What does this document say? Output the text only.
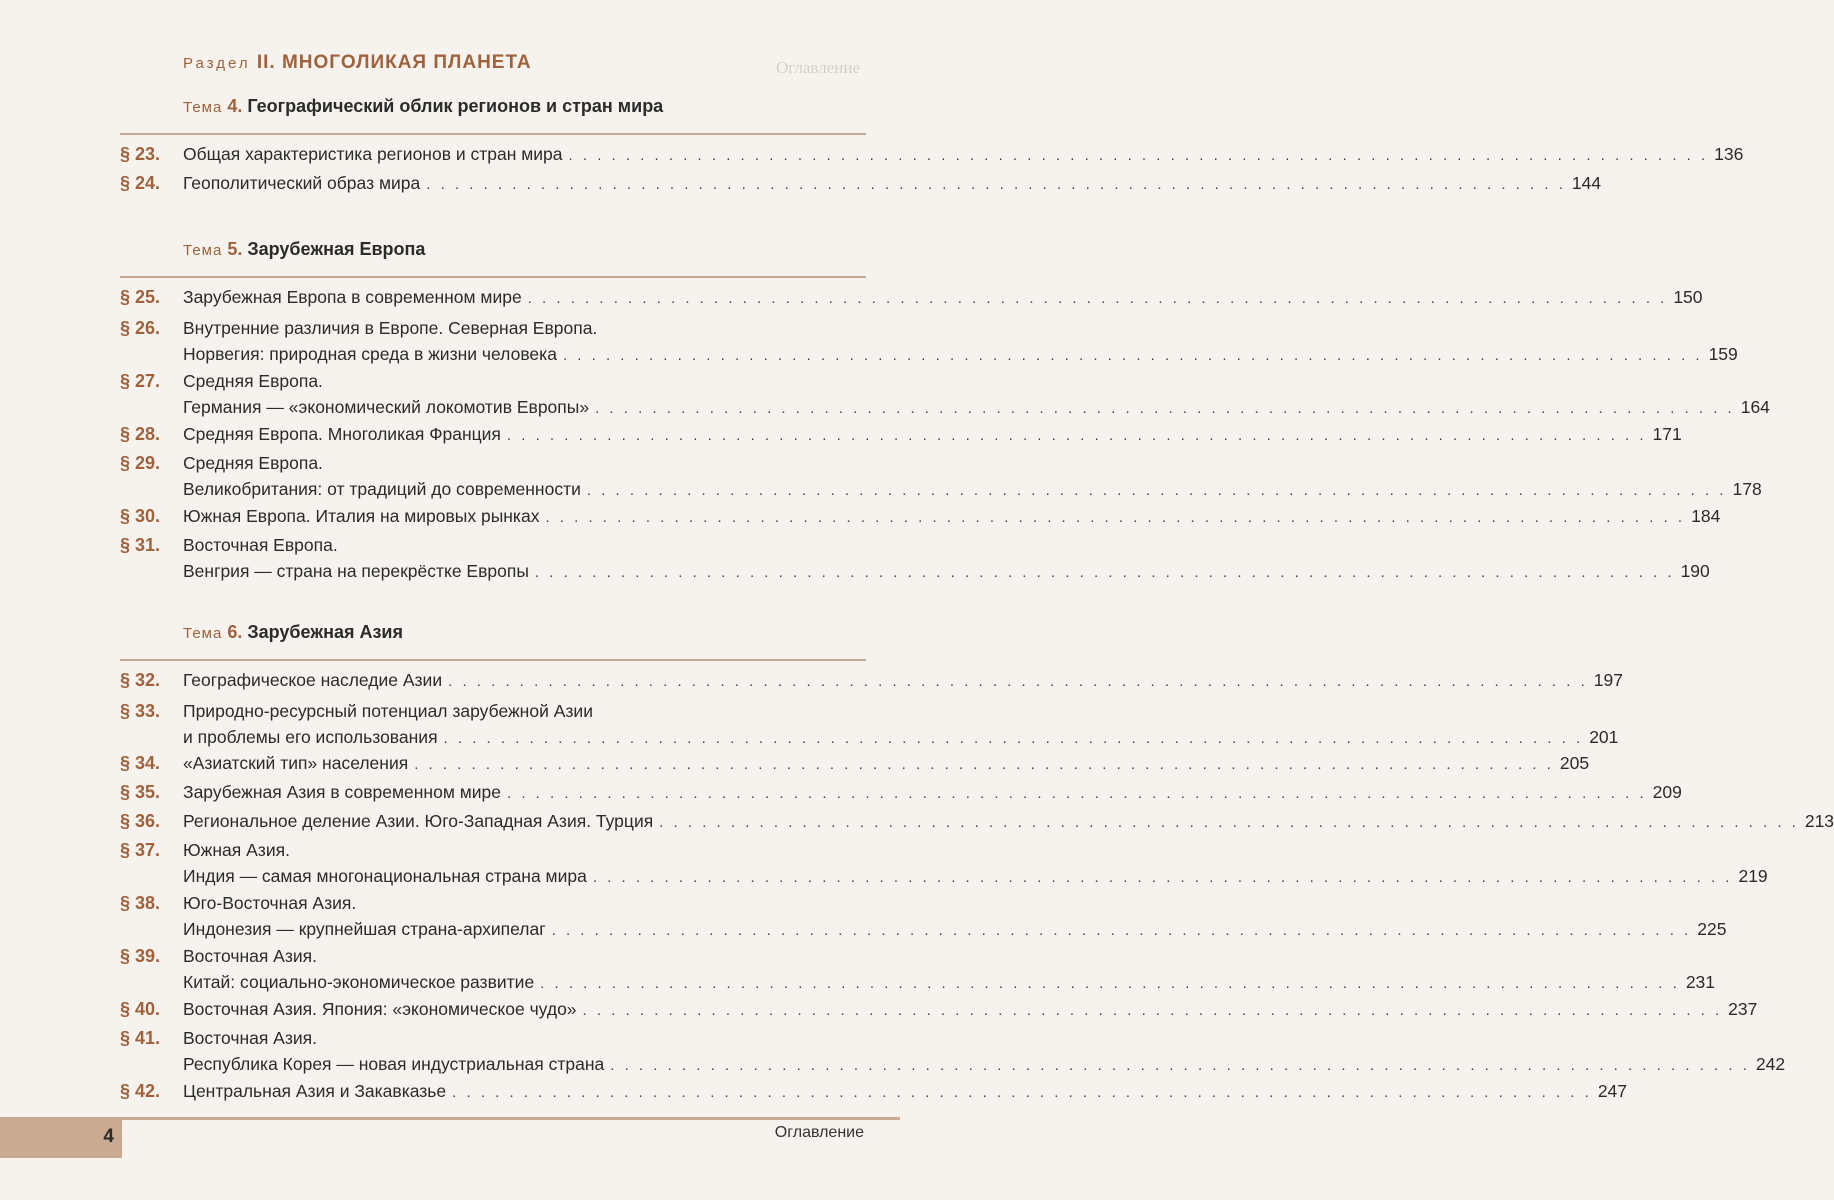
Оглавление
Раздел II. МНОГОЛИКАЯ ПЛАНЕТА
Тема 4. Географический облик регионов и стран мира
§ 23.	Общая характеристика регионов и стран мира . . . . . . . . . . . . . . . . . . . . . . . . . . . . . . . . . . . . . . . . . . . . . . . . . . . . . . . . . . . . . . . . . . . . . . . . . . . . . . . . 136
§ 24.	Геополитический образ мира . . . . . . . . . . . . . . . . . . . . . . . . . . . . . . . . . . . . . . . . . . . . . . . . . . . . . . . . . . . . . . . . . . . . . . . . . . . . . . . . 144
Тема 5. Зарубежная Европа
§ 25.	Зарубежная Европа в современном мире . . . . . . . . . . . . . . . . . . . . . . . . . . . . . . . . . . . . . . . . . . . . . . . . . . . . . . . . . . . . . . . . . . . . . . . . . . . . . . . . 150
§ 26.	Внутренние различия в Европе. Северная Европа.
Норвегия: природная среда в жизни человека . . . . . . . . . . . . . . . . . . . . . . . . . . . . . . . . . . . . . . . . . . . . . . . . . . . . . . . . . . . . . . . . . . . . . . . . . . . . . . . . 159
§ 27.	Средняя Европа.
Германия — «экономический локомотив Европы» . . . . . . . . . . . . . . . . . . . . . . . . . . . . . . . . . . . . . . . . . . . . . . . . . . . . . . . . . . . . . . . . . . . . . . . . . . . . . . . . 164
§ 28.	Средняя Европа. Многоликая Франция . . . . . . . . . . . . . . . . . . . . . . . . . . . . . . . . . . . . . . . . . . . . . . . . . . . . . . . . . . . . . . . . . . . . . . . . . . . . . . . . 171
§ 29.	Средняя Европа.
Великобритания: от традиций до современности . . . . . . . . . . . . . . . . . . . . . . . . . . . . . . . . . . . . . . . . . . . . . . . . . . . . . . . . . . . . . . . . . . . . . . . . . . . . . . . . 178
§ 30.	Южная Европа. Италия на мировых рынках . . . . . . . . . . . . . . . . . . . . . . . . . . . . . . . . . . . . . . . . . . . . . . . . . . . . . . . . . . . . . . . . . . . . . . . . . . . . . . . . 184
§ 31.	Восточная Европа.
Венгрия — страна на перекрёстке Европы . . . . . . . . . . . . . . . . . . . . . . . . . . . . . . . . . . . . . . . . . . . . . . . . . . . . . . . . . . . . . . . . . . . . . . . . . . . . . . . . 190
Тема 6. Зарубежная Азия
§ 32.	Географическое наследие Азии . . . . . . . . . . . . . . . . . . . . . . . . . . . . . . . . . . . . . . . . . . . . . . . . . . . . . . . . . . . . . . . . . . . . . . . . . . . . . . . . 197
§ 33.	Природно-ресурсный потенциал зарубежной Азии
и проблемы его использования . . . . . . . . . . . . . . . . . . . . . . . . . . . . . . . . . . . . . . . . . . . . . . . . . . . . . . . . . . . . . . . . . . . . . . . . . . . . . . . . 201
§ 34.	«Азиатский тип» населения . . . . . . . . . . . . . . . . . . . . . . . . . . . . . . . . . . . . . . . . . . . . . . . . . . . . . . . . . . . . . . . . . . . . . . . . . . . . . . . . 205
§ 35.	Зарубежная Азия в современном мире . . . . . . . . . . . . . . . . . . . . . . . . . . . . . . . . . . . . . . . . . . . . . . . . . . . . . . . . . . . . . . . . . . . . . . . . . . . . . . . . 209
§ 36.	Региональное деление Азии. Юго-Западная Азия. Турция . . . . . . . . . . . . . . . . . . . . . . . . . . . . . . . . . . . . . . . . . . . . . . . . . . . . . . . . . . . . . . . . . . . . . . . . . . . . . . . . 213
§ 37.	Южная Азия.
Индия — самая многонациональная страна мира . . . . . . . . . . . . . . . . . . . . . . . . . . . . . . . . . . . . . . . . . . . . . . . . . . . . . . . . . . . . . . . . . . . . . . . . . . . . . . . . 219
§ 38.	Юго-Восточная Азия.
Индонезия — крупнейшая страна-архипелаг . . . . . . . . . . . . . . . . . . . . . . . . . . . . . . . . . . . . . . . . . . . . . . . . . . . . . . . . . . . . . . . . . . . . . . . . . . . . . . . . 225
§ 39.	Восточная Азия.
Китай: социально-экономическое развитие . . . . . . . . . . . . . . . . . . . . . . . . . . . . . . . . . . . . . . . . . . . . . . . . . . . . . . . . . . . . . . . . . . . . . . . . . . . . . . . . 231
§ 40.	Восточная Азия. Япония: «экономическое чудо» . . . . . . . . . . . . . . . . . . . . . . . . . . . . . . . . . . . . . . . . . . . . . . . . . . . . . . . . . . . . . . . . . . . . . . . . . . . . . . . . 237
§ 41.	Восточная Азия.
Республика Корея — новая индустриальная страна . . . . . . . . . . . . . . . . . . . . . . . . . . . . . . . . . . . . . . . . . . . . . . . . . . . . . . . . . . . . . . . . . . . . . . . . . . . . . . . . 242
§ 42.	Центральная Азия и Закавказье . . . . . . . . . . . . . . . . . . . . . . . . . . . . . . . . . . . . . . . . . . . . . . . . . . . . . . . . . . . . . . . . . . . . . . . . . . . . . . . . 247
4	Оглавление
